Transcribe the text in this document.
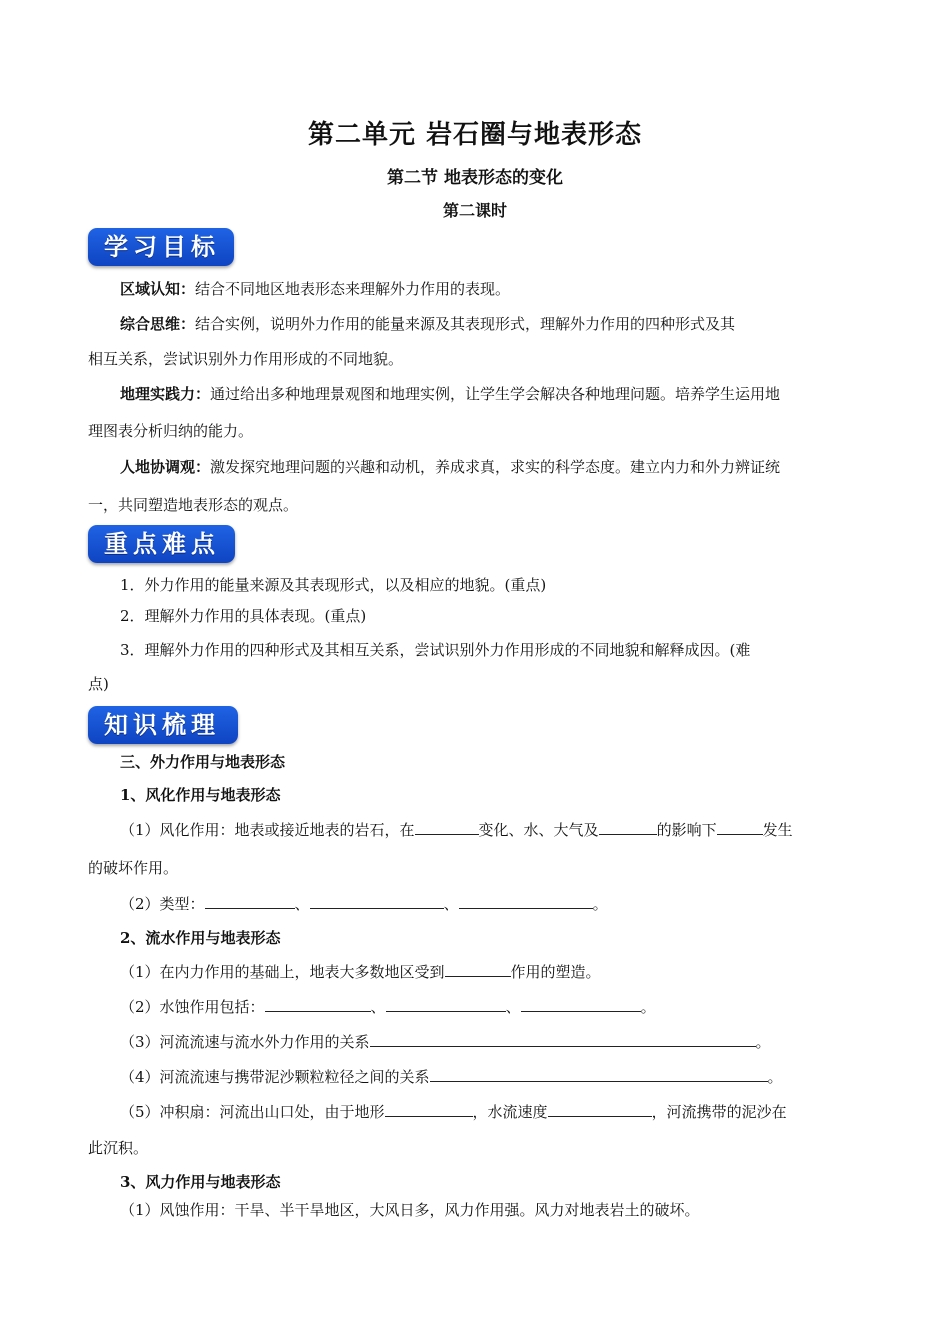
第二单元 岩石圈与地表形态
第二节 地表形态的变化
第二课时
学习目标
区域认知：结合不同地区地表形态来理解外力作用的表现。
综合思维：结合实例，说明外力作用的能量来源及其表现形式，理解外力作用的四种形式及其
相互关系，尝试识别外力作用形成的不同地貌。
地理实践力：通过给出多种地理景观图和地理实例，让学生学会解决各种地理问题。培养学生运用地
理图表分析归纳的能力。
人地协调观：激发探究地理问题的兴趣和动机，养成求真，求实的科学态度。建立内力和外力辨证统
一，共同塑造地表形态的观点。
重点难点
1．外力作用的能量来源及其表现形式，以及相应的地貌。(重点)
2．理解外力作用的具体表现。(重点)
3．理解外力作用的四种形式及其相互关系，尝试识别外力作用形成的不同地貌和解释成因。(难
点)
知识梳理
三、外力作用与地表形态
1、风化作用与地表形态
（1）风化作用：地表或接近地表的岩石，在	变化、水、大气及	的影响下	发生
的破坏作用。
（2）类型：	、	、	。
2、流水作用与地表形态
（1）在内力作用的基础上，地表大多数地区受到	作用的塑造。
（2）水蚀作用包括：	、	、	。
（3）河流流速与流水外力作用的关系	。
（4）河流流速与携带泥沙颗粒粒径之间的关系	。
（5）冲积扇：河流出山口处，由于地形	，水流速度	，河流携带的泥沙在
此沉积。
3、风力作用与地表形态
（1）风蚀作用：干旱、半干旱地区，大风日多，风力作用强。风力对地表岩土的破坏。
